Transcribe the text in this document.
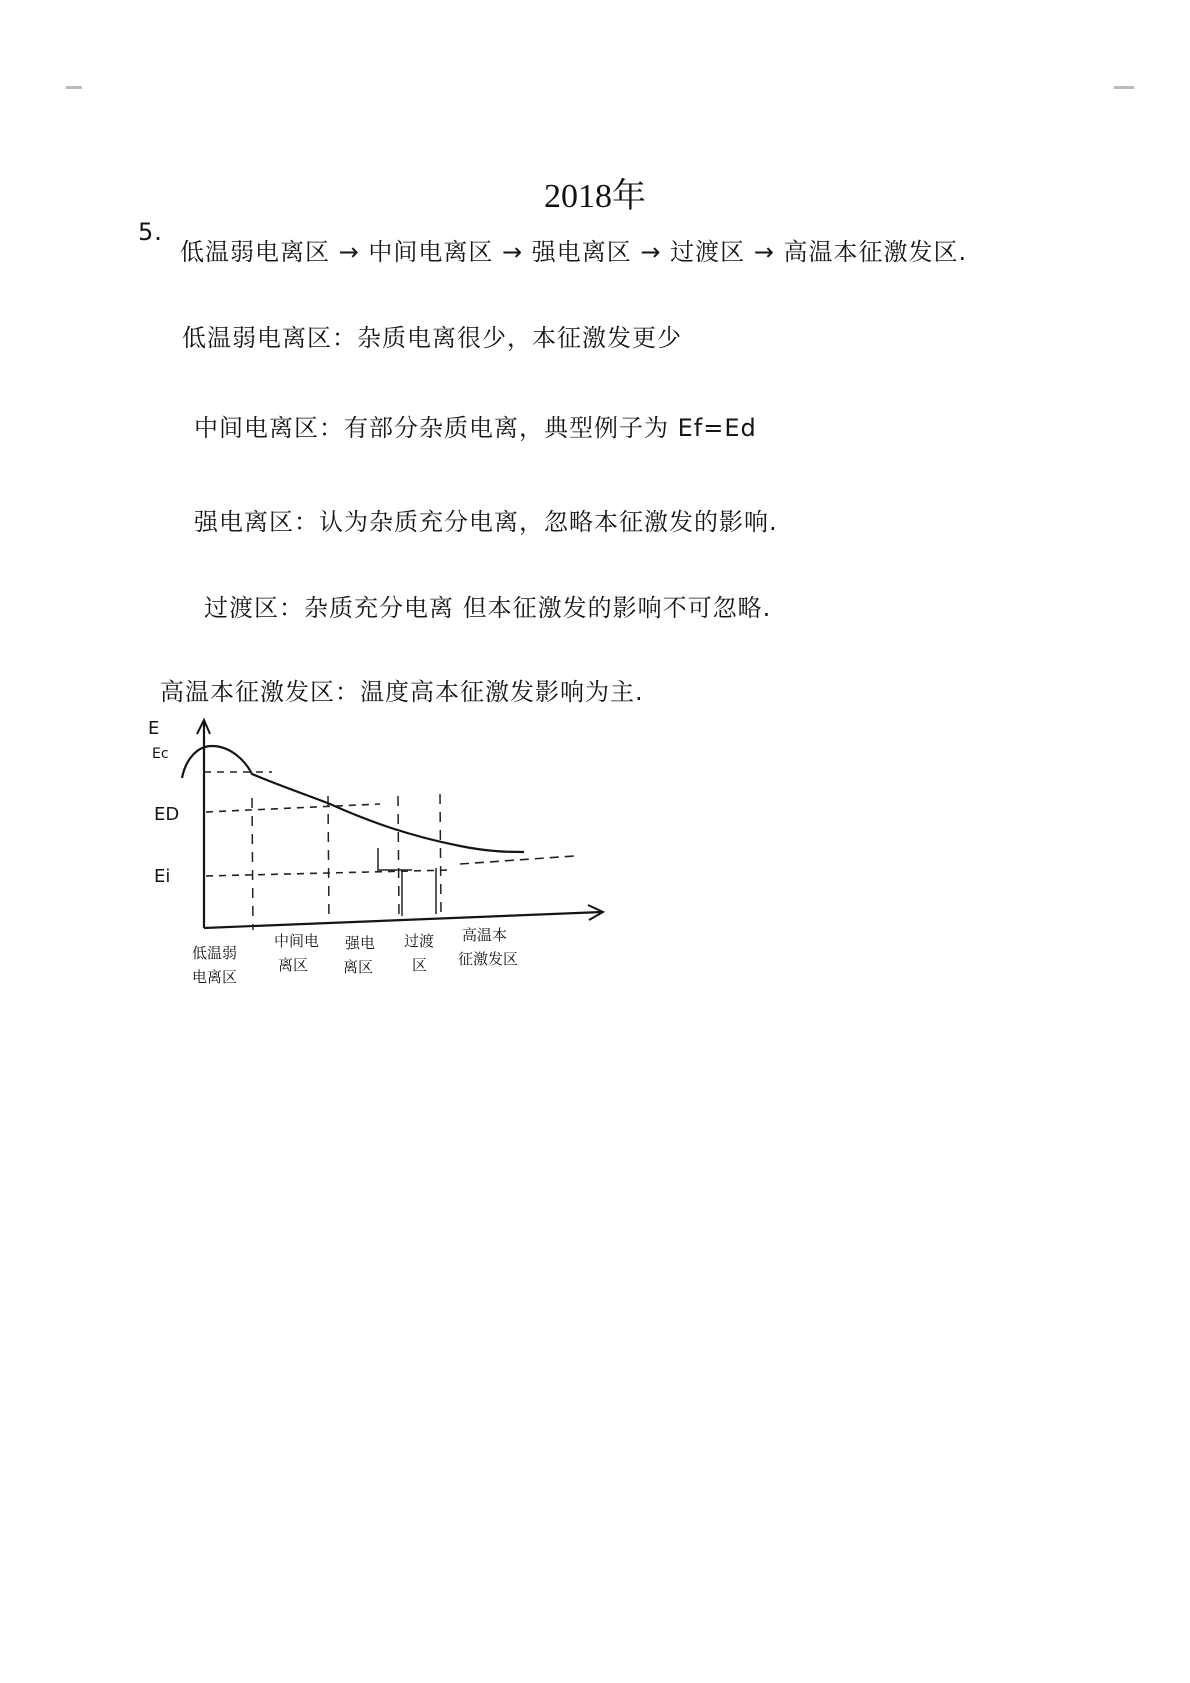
2018年
5.
低温弱电离区 → 中间电离区 → 强电离区 → 过渡区 → 高温本征激发区.
低温弱电离区：杂质电离很少，本征激发更少
中间电离区：有部分杂质电离，典型例子为 Ef=Ed
强电离区：认为杂质充分电离，忽略本征激发的影响.
过渡区：杂质充分电离 但本征激发的影响不可忽略.
高温本征激发区：温度高本征激发影响为主.
E
Ec
ED
Ei
低温弱
电离区
中间电
离区
强电
离区
过渡
区
高温本
征激发区
